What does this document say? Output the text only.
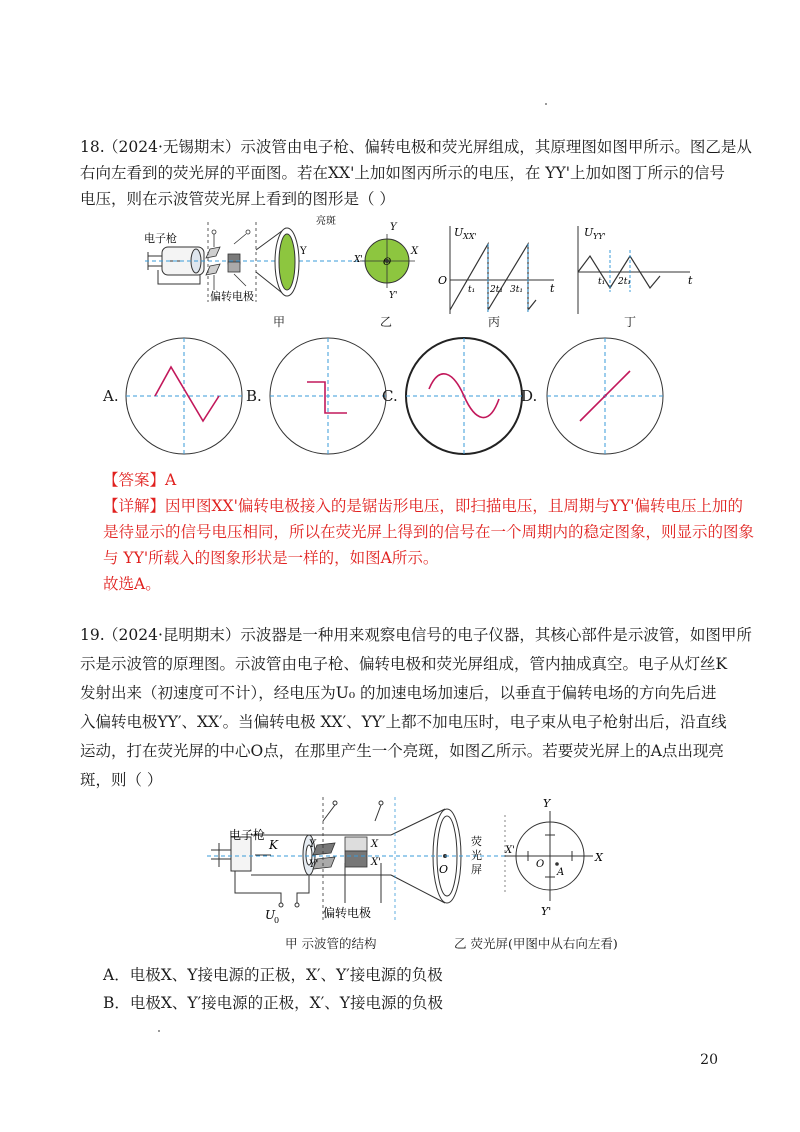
18.
（2024·无锡期末）示波管由电子枪、偏转电极和荧光屏组成，其原理图如图甲所示。图乙是从
右向左看到的荧光屏的平面图。若在XX'上加如图丙所示的电压，在 YY'上加如图丁所示的信号
电压，则在示波管荧光屏上看到的图形是（ ）
电子枪
偏转电极
亮斑
Y
Y
X
X'
Y'
O
甲	乙
U XX'
O
t
t₁ 2t₁ 3t₁
丙
U YY'
t
t₁ 2t₁
丁
A.	B.	C.	D.
【答案】A
【详解】因甲图XX'偏转电极接入的是锯齿形电压，即扫描电压，且周期与YY'偏转电压上加的
是待显示的信号电压相同，所以在荧光屏上得到的信号在一个周期内的稳定图象，则显示的图象
与 YY'所载入的图象形状是一样的，如图A所示。
故选A。
19.
（2024·昆明期末）示波器是一种用来观察电信号的电子仪器，其核心部件是示波管，如图甲所
示是示波管的原理图。示波管由电子枪、偏转电极和荧光屏组成，管内抽成真空。电子从灯丝K
发射出来（初速度可不计），经电压为U₀ 的加速电场加速后，以垂直于偏转电场的方向先后进
入偏转电极YY′、XX′。当偏转电极 XX′、YY′上都不加电压时，电子束从电子枪射出后，沿直线
运动，打在荧光屏的中心O点，在那里产生一个亮斑，如图乙所示。若要荧光屏上的A点出现亮
斑，则（ ）
电子枪
K
偏转电极
U
0
Y
Y'
X
X'
O
荧
光
屏
Y
Y'
X
X'
O
A
甲 示波管的结构	乙 荧光屏(甲图中从右向左看)
A．电极X、Y接电源的正极，X′、Y′接电源的负极
B．电极X、Y′接电源的正极，X′、Y接电源的负极
20
